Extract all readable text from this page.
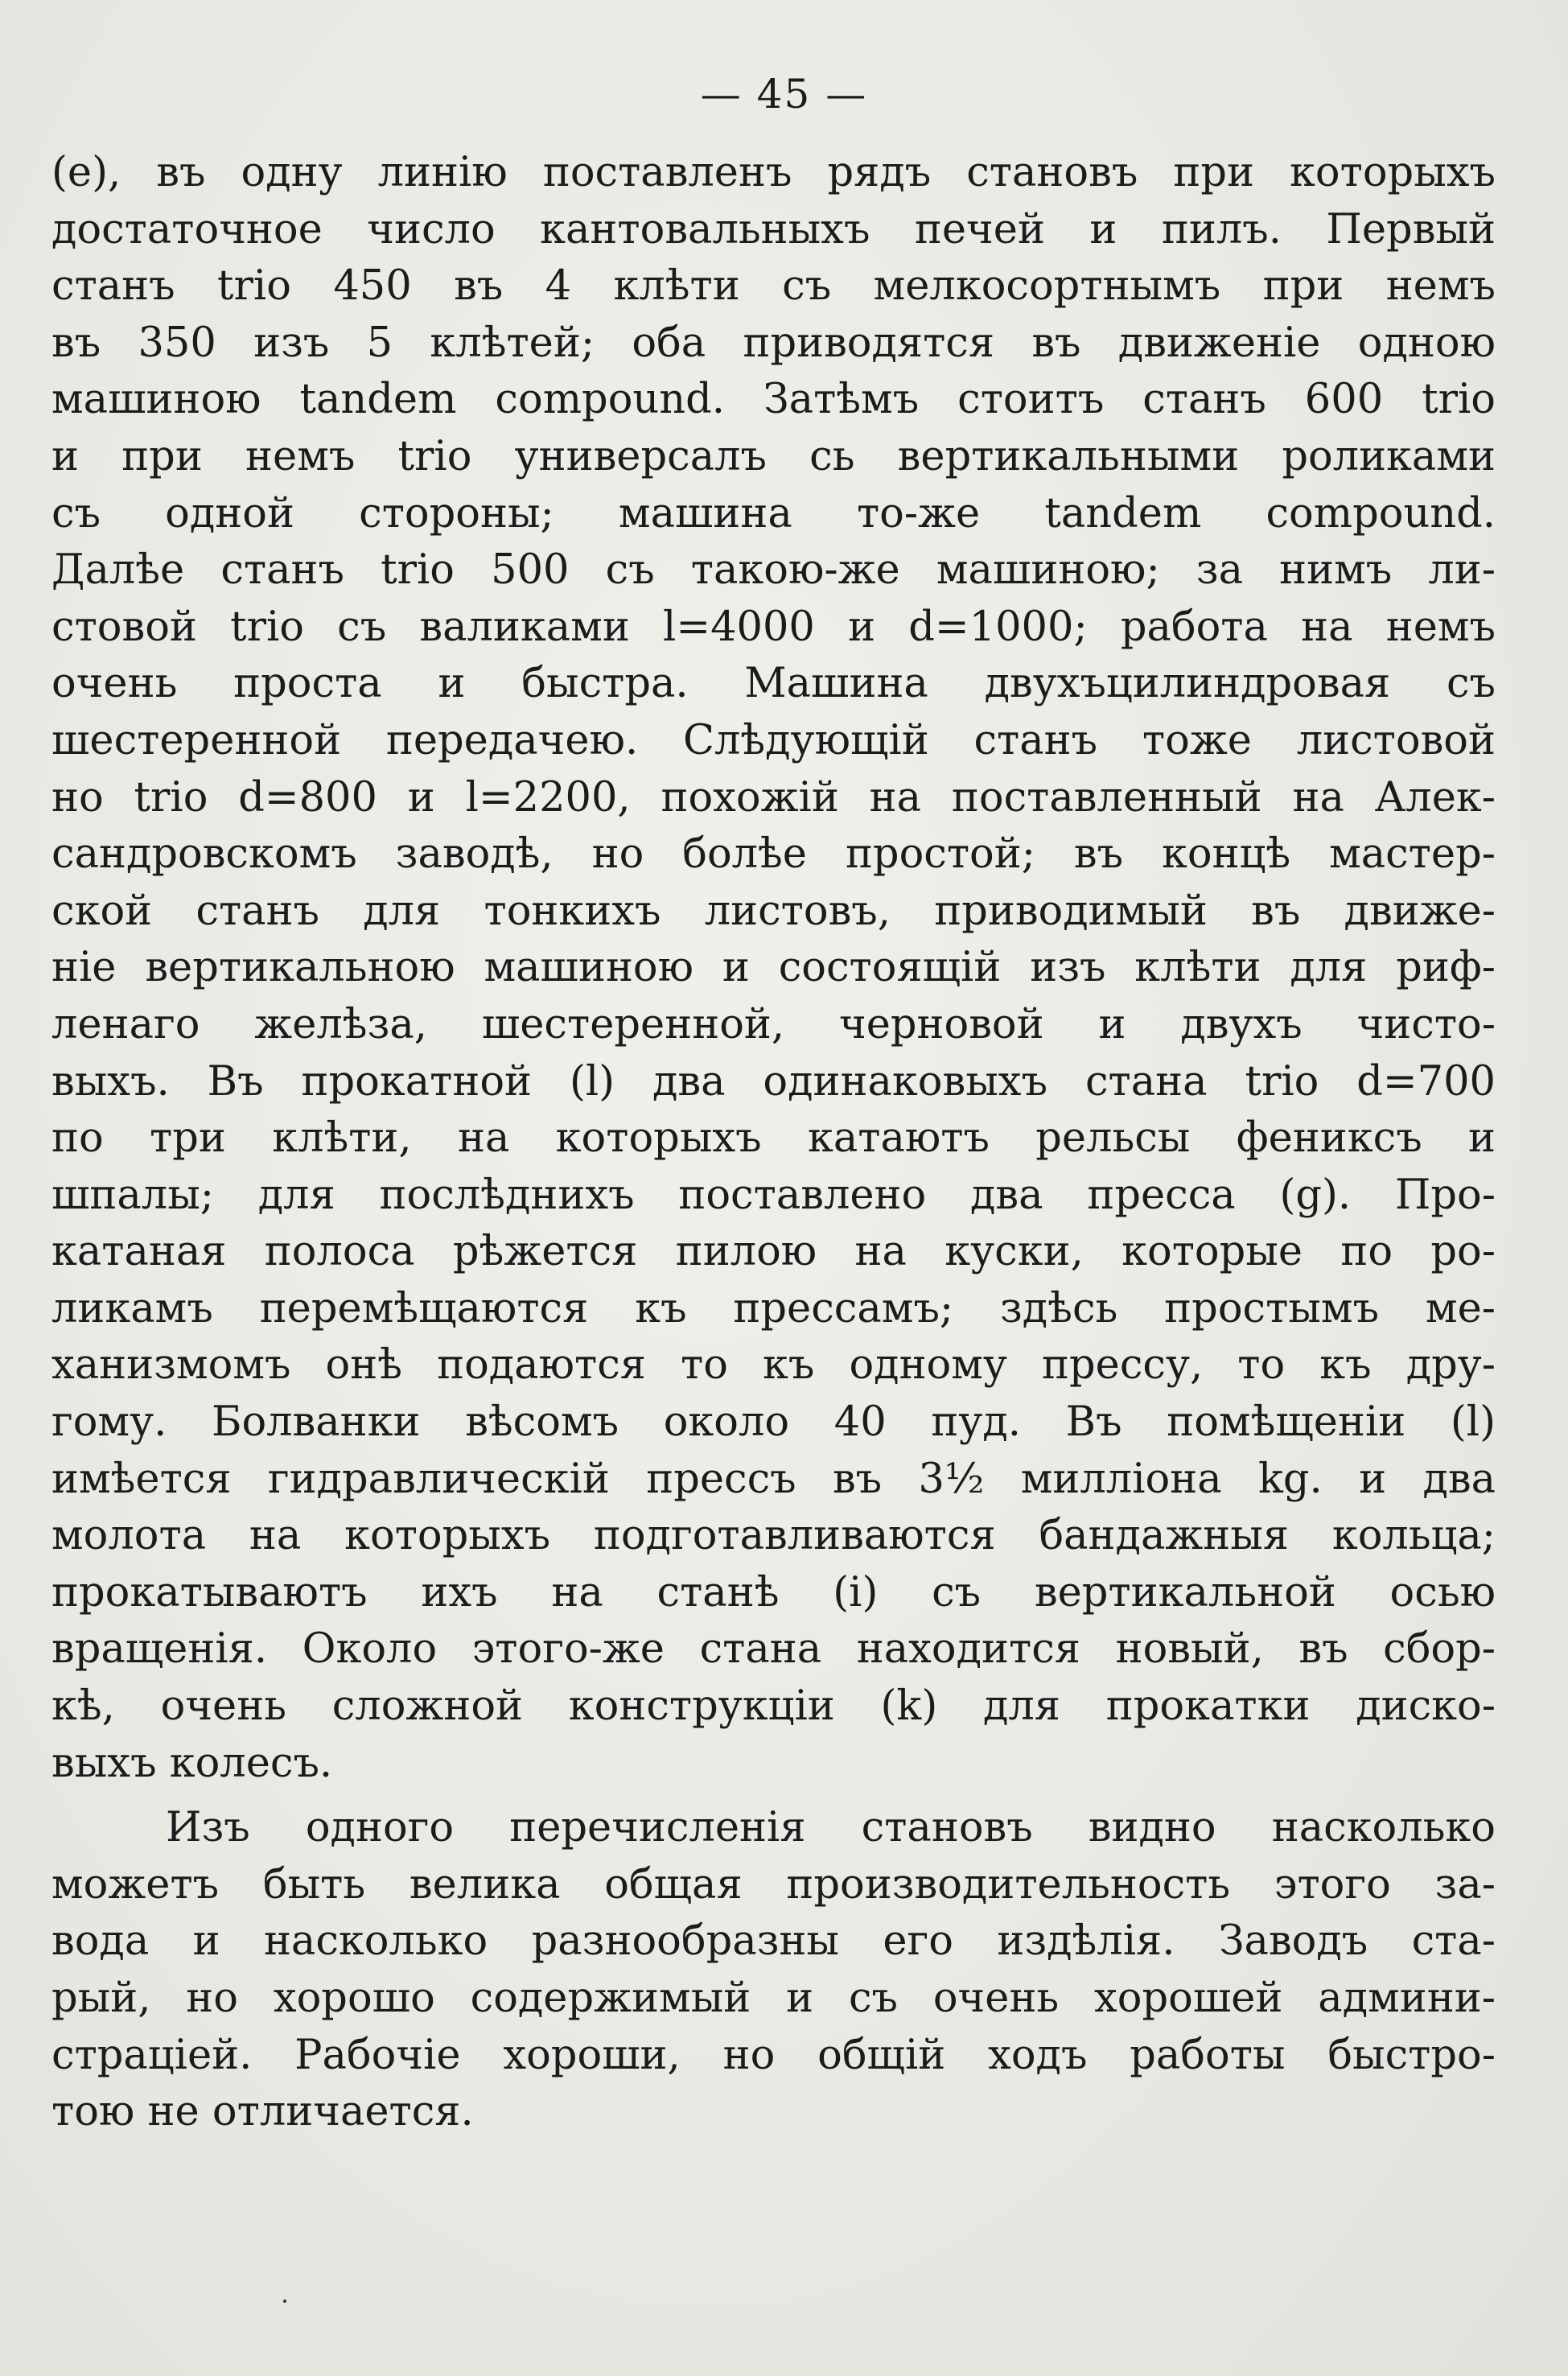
— 45 —
(е), въ одну линію поставленъ рядъ становъ при которыхъ
достаточное число кантовальныхъ печей и пилъ. Первый
станъ trio 450 въ 4 клѣти съ мелкосортнымъ при немъ
въ 350 изъ 5 клѣтей; оба приводятся въ движеніе одною
машиною tandem compound. Затѣмъ стоитъ станъ 600 trio
и при немъ trio универсалъ сь вертикальными роликами
съ одной стороны; машина то-же tandem compound.
Далѣе станъ trio 500 съ такою-же машиною; за нимъ ли-
стовой trio съ валиками l=4000 и d=1000; работа на немъ
очень проста и быстра. Машина двухъцилиндровая съ
шестеренной передачею. Слѣдующій станъ тоже листовой
но trio d=800 и l=2200, похожій на поставленный на Алек-
сандровскомъ заводѣ, но болѣе простой; въ концѣ мастер-
ской станъ для тонкихъ листовъ, приводимый въ движе-
ніе вертикальною машиною и состоящій изъ клѣти для риф-
ленаго желѣза, шестеренной, черновой и двухъ чисто-
выхъ. Въ прокатной (l) два одинаковыхъ стана trio d=700
по три клѣти, на которыхъ катаютъ рельсы фениксъ и
шпалы; для послѣднихъ поставлено два пресса (g). Про-
катаная полоса рѣжется пилою на куски, которые по ро-
ликамъ перемѣщаются къ прессамъ; здѣсь простымъ ме-
ханизмомъ онѣ подаются то къ одному прессу, то къ дру-
гому. Болванки вѣсомъ около 40 пуд. Въ помѣщеніи (l)
имѣется гидравлическій прессъ въ 3½ милліона kg. и два
молота на которыхъ подготавливаются бандажныя кольца;
прокатываютъ ихъ на станѣ (i) съ вертикальной осью
вращенія. Около этого-же стана находится новый, въ сбор-
кѣ, очень сложной конструкціи (k) для прокатки диско-
выхъ колесъ.
Изъ одного перечисленія становъ видно насколько
можетъ быть велика общая производительность этого за-
вода и насколько разнообразны его издѣлія. Заводъ ста-
рый, но хорошо содержимый и съ очень хорошей админи-
страціей. Рабочіе хороши, но общій ходъ работы быстро-
тою не отличается.
